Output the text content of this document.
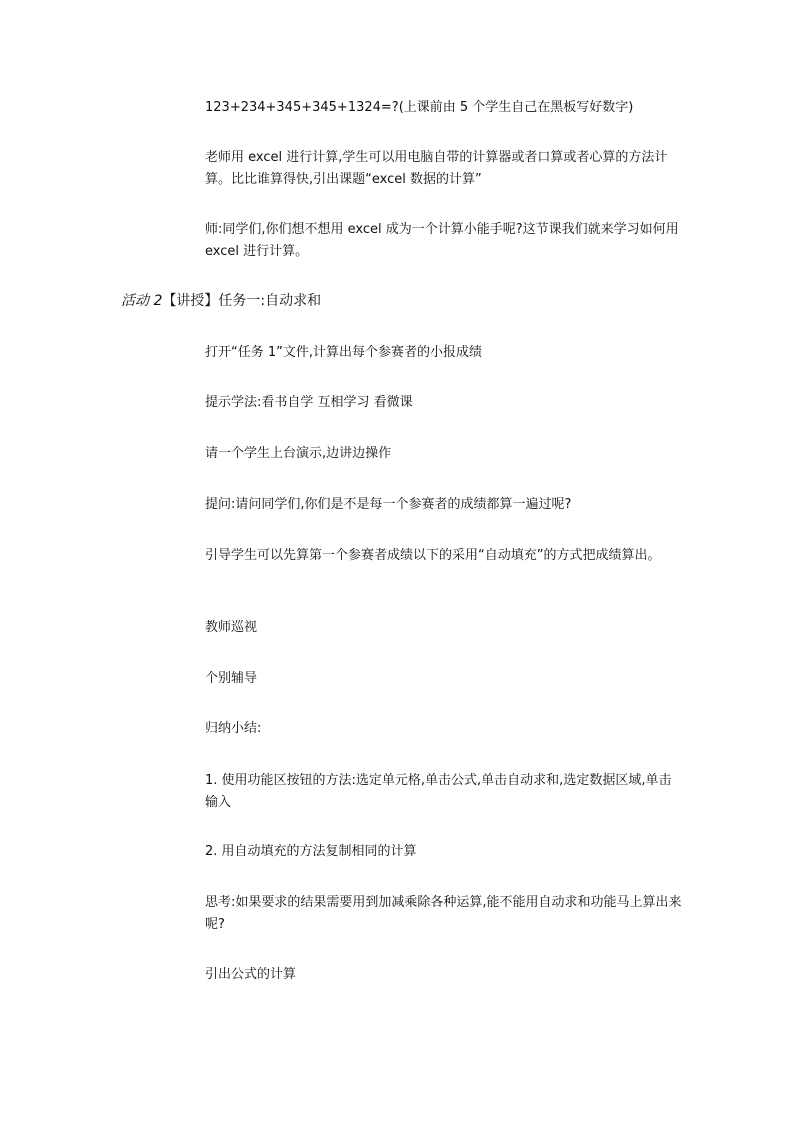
123+234+345+345+1324=?(上课前由 5 个学生自己在黑板写好数字)

老师用 excel 进行计算,学生可以用电脑自带的计算器或者口算或者心算的方法计算。比比谁算得快,引出课题“excel 数据的计算”

师:同学们,你们想不想用 excel 成为一个计算小能手呢?这节课我们就来学习如何用 excel 进行计算。

活动 2【讲授】任务一:自动求和

打开“任务 1”文件,计算出每个参赛者的小报成绩

提示学法:看书自学 互相学习 看微课

请一个学生上台演示,边讲边操作

提问:请问同学们,你们是不是每一个参赛者的成绩都算一遍过呢?

引导学生可以先算第一个参赛者成绩以下的采用“自动填充”的方式把成绩算出。

教师巡视

个别辅导

归纳小结:

1. 使用功能区按钮的方法:选定单元格,单击公式,单击自动求和,选定数据区域,单击输入

2. 用自动填充的方法复制相同的计算

思考:如果要求的结果需要用到加减乘除各种运算,能不能用自动求和功能马上算出来呢?

引出公式的计算
